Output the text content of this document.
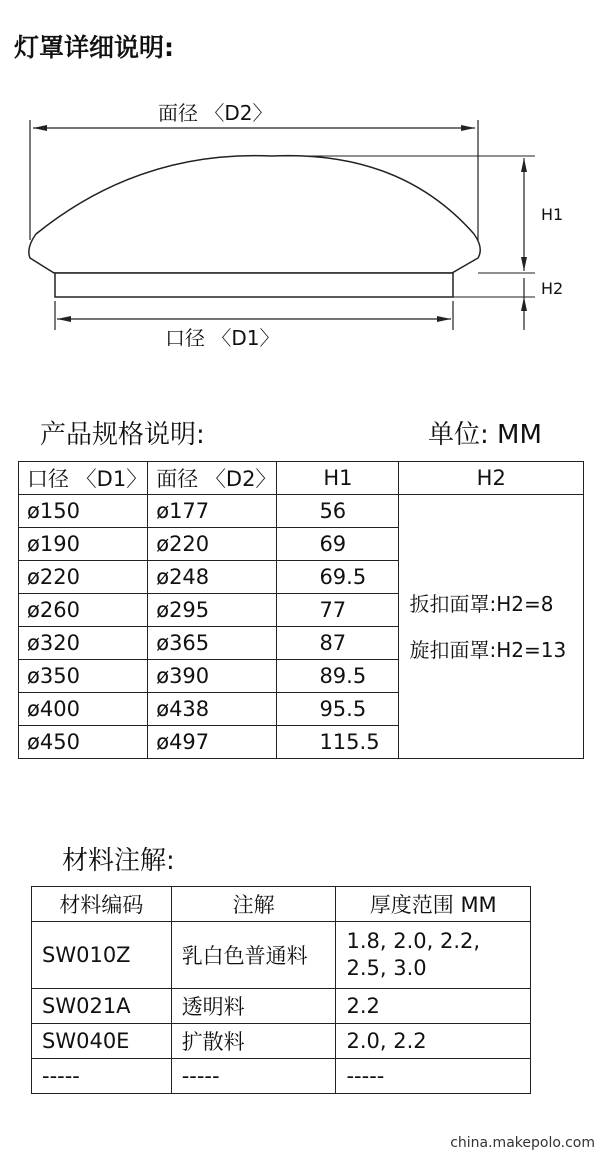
灯罩详细说明:
面径 〈D2〉
H1
H2
口径 〈D1〉
产品规格说明:	单位: MM
口径 〈D1〉	面径 〈D2〉	H1	H2
ø150	ø177	56	扳扣面罩:H2=8
旋扣面罩:H2=13

ø190	ø220	69	
ø220	ø248	69.5	
ø260	ø295	77	
ø320	ø365	87	
ø350	ø390	89.5	
ø400	ø438	95.5	
ø450	ø497	115.5	
材料注解:
材料编码	注解	厚度范围 MM
SW010Z	乳白色普通料	1.8, 2.0, 2.2, 2.5, 3.0
SW021A	透明料	2.2
SW040E	扩散料	2.0, 2.2
-----	-----	-----
china.makepolo.com
